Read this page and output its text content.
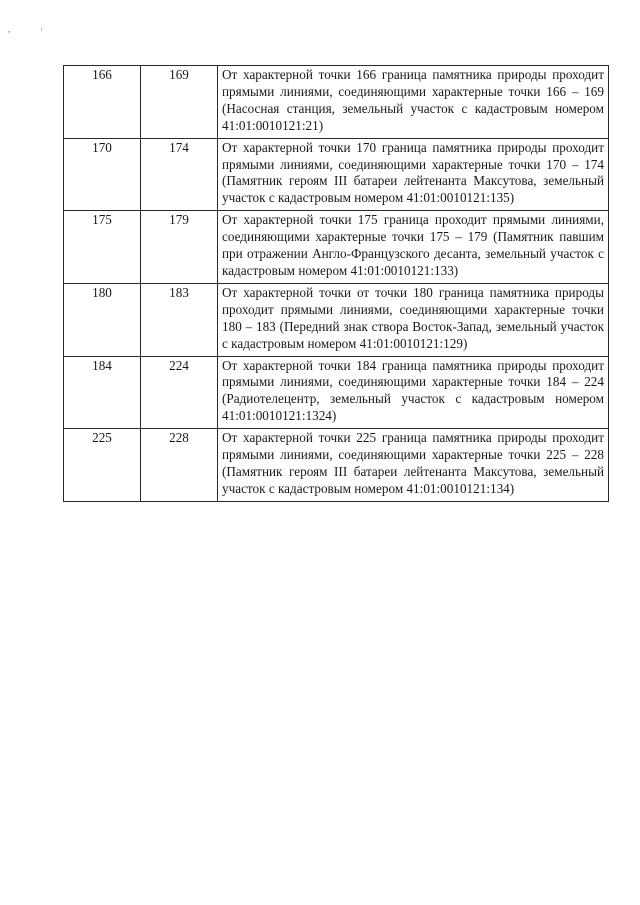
,	·
166	169	От характерной точки 166 граница памятника природы проходит прямыми линиями, соединяющими характерные точки 166 – 169 (Насосная станция, земельный участок с кадастровым номером 41:01:0010121:21)
170	174	От характерной точки 170 граница памятника природы проходит прямыми линиями, соединяющими характерные точки 170 – 174 (Памятник героям III батареи лейтенанта Максутова, земельный участок с кадастровым номером 41:01:0010121:135)
175	179	От характерной точки 175 граница проходит прямыми линиями, соединяющими характерные точки 175 – 179 (Памятник павшим при отражении Англо-Французского десанта, земельный участок с кадастровым номером 41:01:0010121:133)
180	183	От характерной точки от точки 180 граница памятника природы проходит прямыми линиями, соединяющими характерные точки 180 – 183 (Передний знак створа Восток-Запад, земельный участок с кадастровым номером 41:01:0010121:129)
184	224	От характерной точки 184 граница памятника природы проходит прямыми линиями, соединяющими характерные точки 184 – 224 (Радиотелецентр, земельный участок с кадастровым номером 41:01:0010121:1324)
225	228	От характерной точки 225 граница памятника природы проходит прямыми линиями, соединяющими характерные точки 225 – 228 (Памятник героям III батареи лейтенанта Максутова, земельный участок с кадастровым номером 41:01:0010121:134)
